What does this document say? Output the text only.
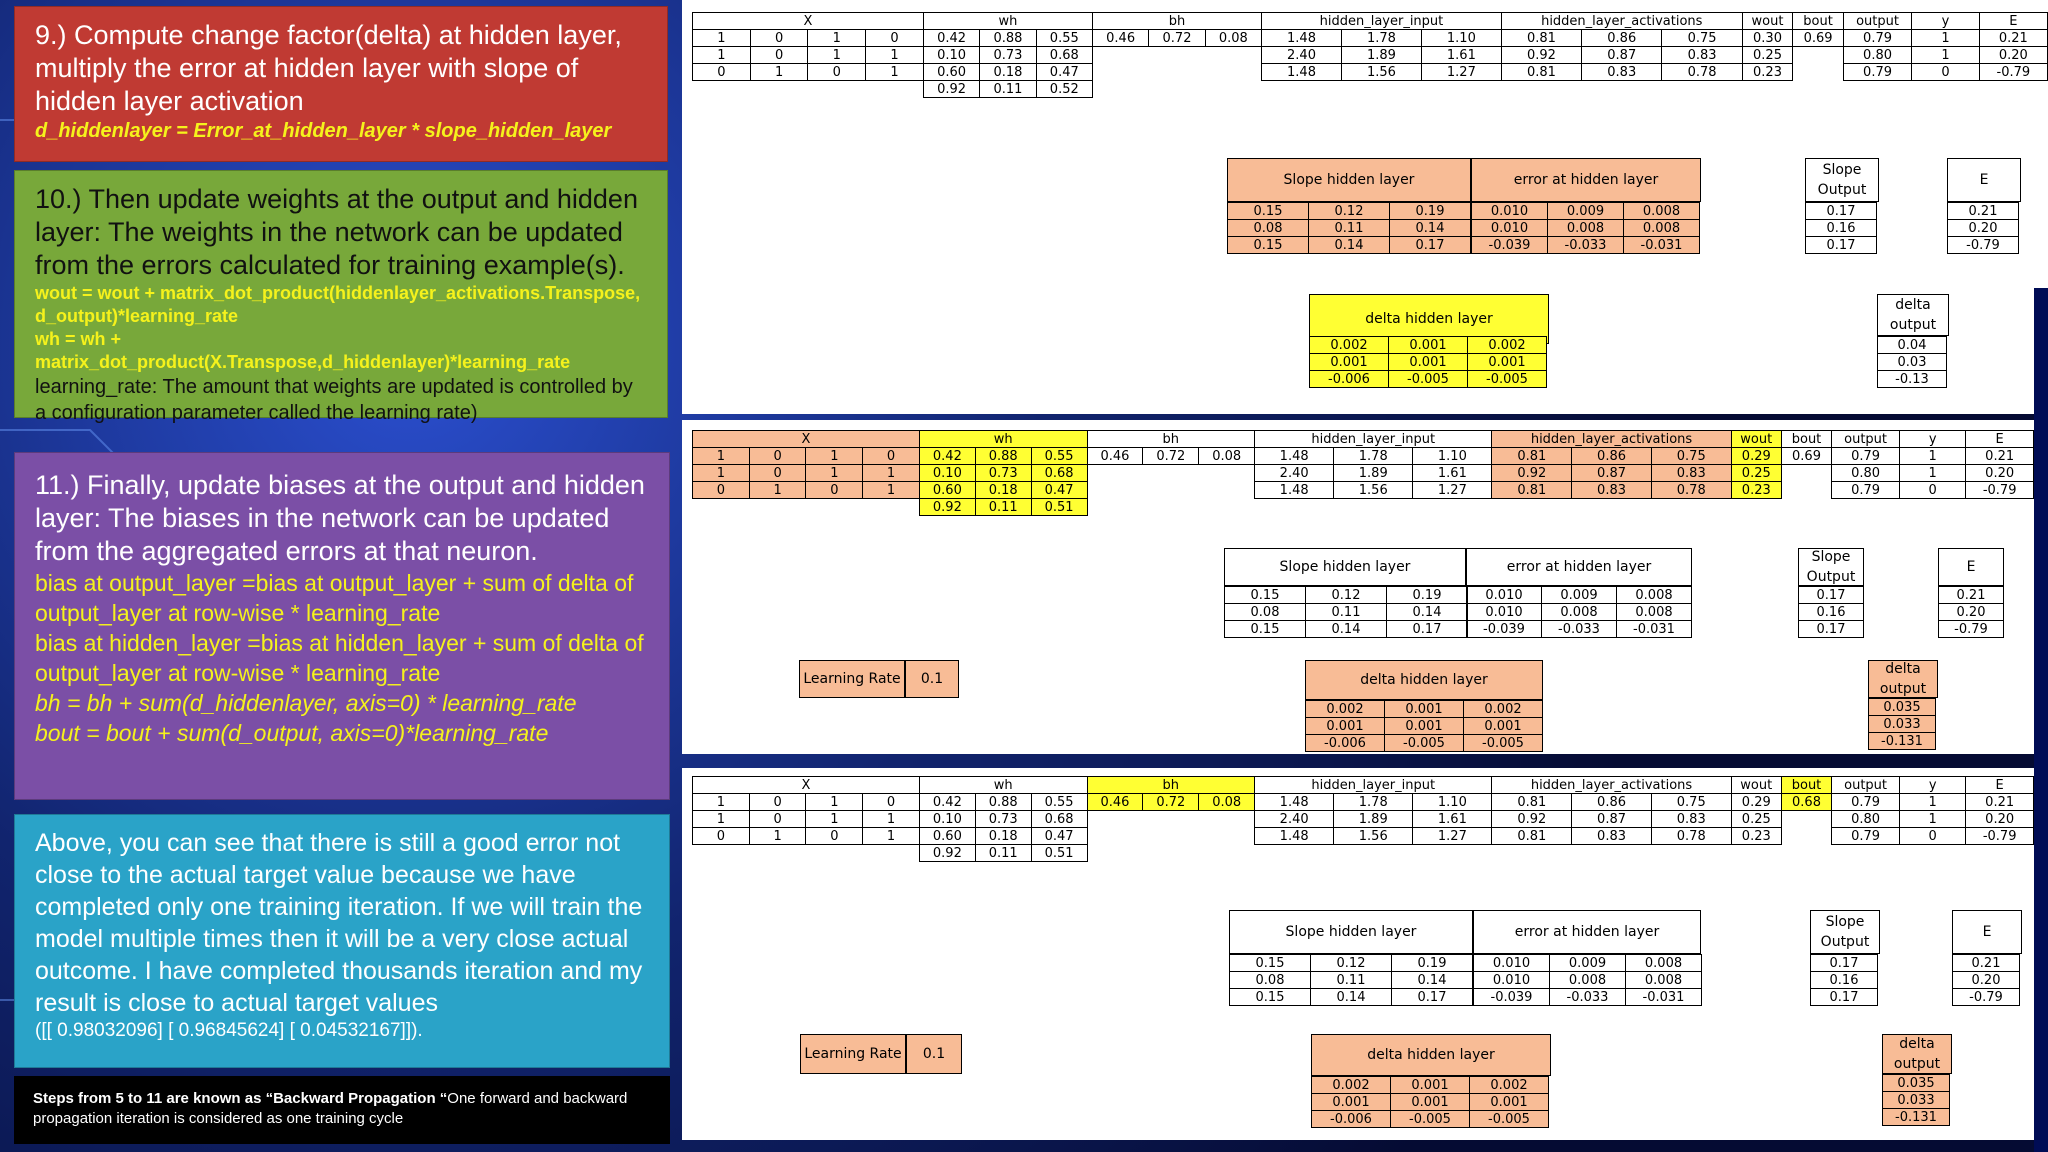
9.) Compute change factor(delta) at hidden layer, multiply the error at hidden layer with slope of hidden layer activation

d_hiddenlayer = Error_at_hidden_layer * slope_hidden_layer

10.) Then update weights at the output and hidden layer: The weights in the network can be updated from the errors calculated for training example(s).

wout = wout + matrix_dot_product(hiddenlayer_activations.Transpose, d_output)*learning_rate

wh = wh + matrix_dot_product(X.Transpose,d_hiddenlayer)*learning_rate

learning_rate: The amount that weights are updated is controlled by a configuration parameter called the learning rate)

11.) Finally, update biases at the output and hidden layer: The biases in the network can be updated from the aggregated errors at that neuron.

bias at output_layer =bias at output_layer + sum of delta of output_layer at row-wise * learning_rate

bias at hidden_layer =bias at hidden_layer + sum of delta of output_layer at row-wise * learning_rate

bh = bh + sum(d_hiddenlayer, axis=0) * learning_rate

bout = bout + sum(d_output, axis=0)*learning_rate

Above, you can see that there is still a good error not close to the actual target value because we have completed only one training iteration. If we will train the model multiple times then it will be a very close actual outcome. I have completed thousands iteration and my result is close to actual target values

([[ 0.98032096] [ 0.96845624] [ 0.04532167]]).

Steps from 5 to 11 are known as “Backward Propagation “One forward and backward propagation iteration is considered as one training cycle

X				wh			bh			hidden_layer_input			hidden_layer_activations			wout	bout	output	y	E
1	0	1	0	0.42	0.88	0.55	0.46	0.72	0.08	1.48	1.78	1.10	0.81	0.86	0.75	0.30	0.69	0.79	1	0.21
1	0	1	1	0.10	0.73	0.68				2.40	1.89	1.61	0.92	0.87	0.83	0.25		0.80	1	0.20
0	1	0	1	0.60	0.18	0.47				1.48	1.56	1.27	0.81	0.83	0.78	0.23		0.79	0	-0.79
				0.92	0.11	0.52														
Slope hidden layer	error at hidden layer
0.15	0.12	0.19
0.08	0.11	0.14
0.15	0.14	0.17
0.010	0.009	0.008
0.010	0.008	0.008
-0.039	-0.033	-0.031
Slope Output
0.17
0.16
0.17
E
0.21
0.20
-0.79
delta hidden layer
0.002	0.001	0.002
0.001	0.001	0.001
-0.006	-0.005	-0.005
delta output
0.04
0.03
-0.13
X				wh			bh			hidden_layer_input			hidden_layer_activations			wout	bout	output	y	E
1	0	1	0	0.42	0.88	0.55	0.46	0.72	0.08	1.48	1.78	1.10	0.81	0.86	0.75	0.29	0.69	0.79	1	0.21
1	0	1	1	0.10	0.73	0.68				2.40	1.89	1.61	0.92	0.87	0.83	0.25		0.80	1	0.20
0	1	0	1	0.60	0.18	0.47				1.48	1.56	1.27	0.81	0.83	0.78	0.23		0.79	0	-0.79
				0.92	0.11	0.51														
Slope hidden layer	error at hidden layer
0.15	0.12	0.19
0.08	0.11	0.14
0.15	0.14	0.17
0.010	0.009	0.008
0.010	0.008	0.008
-0.039	-0.033	-0.031
Slope Output
0.17
0.16
0.17
E
0.21
0.20
-0.79
Learning Rate	0.1	delta hidden layer
0.002	0.001	0.002
0.001	0.001	0.001
-0.006	-0.005	-0.005
delta output
0.035
0.033
-0.131
X				wh			bh			hidden_layer_input			hidden_layer_activations			wout	bout	output	y	E
1	0	1	0	0.42	0.88	0.55	0.46	0.72	0.08	1.48	1.78	1.10	0.81	0.86	0.75	0.29	0.68	0.79	1	0.21
1	0	1	1	0.10	0.73	0.68				2.40	1.89	1.61	0.92	0.87	0.83	0.25		0.80	1	0.20
0	1	0	1	0.60	0.18	0.47				1.48	1.56	1.27	0.81	0.83	0.78	0.23		0.79	0	-0.79
				0.92	0.11	0.51														
Slope hidden layer	error at hidden layer
0.15	0.12	0.19
0.08	0.11	0.14
0.15	0.14	0.17
0.010	0.009	0.008
0.010	0.008	0.008
-0.039	-0.033	-0.031
Slope Output
0.17
0.16
0.17
E
0.21
0.20
-0.79
Learning Rate	0.1	delta hidden layer
0.002	0.001	0.002
0.001	0.001	0.001
-0.006	-0.005	-0.005
delta output
0.035
0.033
-0.131
